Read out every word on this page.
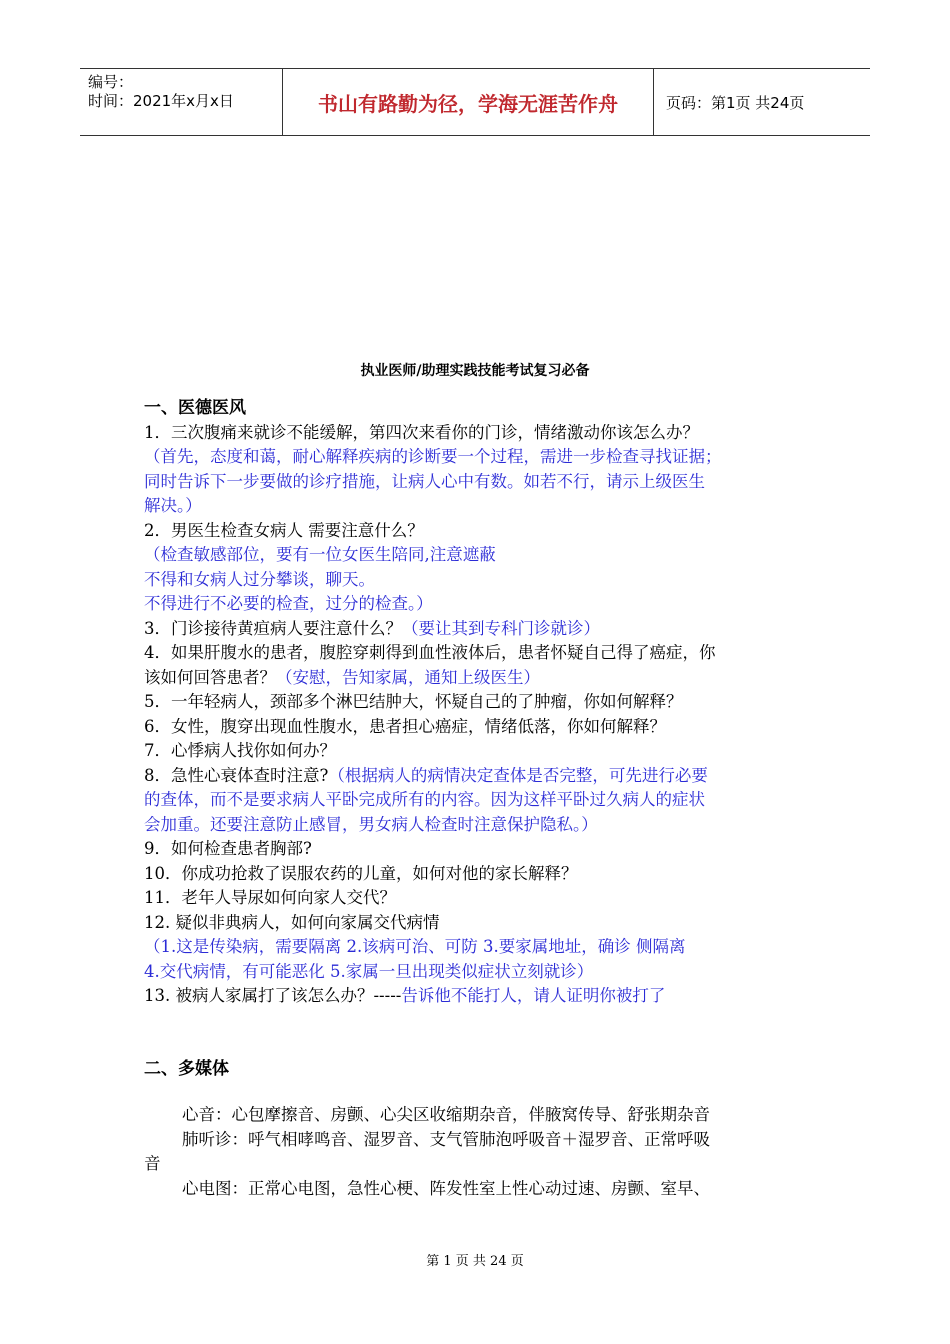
编号：
时间：2021年x月x日	书山有路勤为径，学海无涯苦作舟	页码：第1页 共24页
执业医师/助理实践技能考试复习必备

一、医德医风

1．三次腹痛来就诊不能缓解，第四次来看你的门诊，情绪激动你该怎么办？

（首先，态度和蔼，耐心解释疾病的诊断要一个过程，需进一步检查寻找证据；

同时告诉下一步要做的诊疗措施，让病人心中有数。如若不行，请示上级医生

解决。）

2．男医生检查女病人 需要注意什么？

（检查敏感部位，要有一位女医生陪同,注意遮蔽

不得和女病人过分攀谈，聊天。

不得进行不必要的检查，过分的检查。）

3．门诊接待黄疸病人要注意什么？（要让其到专科门诊就诊）

4．如果肝腹水的患者，腹腔穿刺得到血性液体后，患者怀疑自己得了癌症，你

该如何回答患者？（安慰，告知家属，通知上级医生）

5．一年轻病人，颈部多个淋巴结肿大，怀疑自己的了肿瘤，你如何解释？

6．女性，腹穿出现血性腹水，患者担心癌症，情绪低落，你如何解释？

7．心悸病人找你如何办？

8．急性心衰体查时注意?（根据病人的病情决定查体是否完整，可先进行必要

的查体，而不是要求病人平卧完成所有的内容。因为这样平卧过久病人的症状

会加重。还要注意防止感冒，男女病人检查时注意保护隐私。）

9．如何检查患者胸部?

10．你成功抢救了误服农药的儿童，如何对他的家长解释？

11．老年人导尿如何向家人交代？

12. 疑似非典病人，如何向家属交代病情

（1.这是传染病，需要隔离 2.该病可治、可防 3.要家属地址，确诊 侧隔离

4.交代病情，有可能恶化 5.家属一旦出现类似症状立刻就诊）

13. 被病人家属打了该怎么办？-----告诉他不能打人，请人证明你被打了

二、多媒体

心音：心包摩擦音、房颤、心尖区收缩期杂音，伴腋窝传导、舒张期杂音

肺听诊：呼气相哮鸣音、湿罗音、支气管肺泡呼吸音＋湿罗音、正常呼吸

音

心电图：正常心电图，急性心梗、阵发性室上性心动过速、房颤、室早、

第 1 页 共 24 页
